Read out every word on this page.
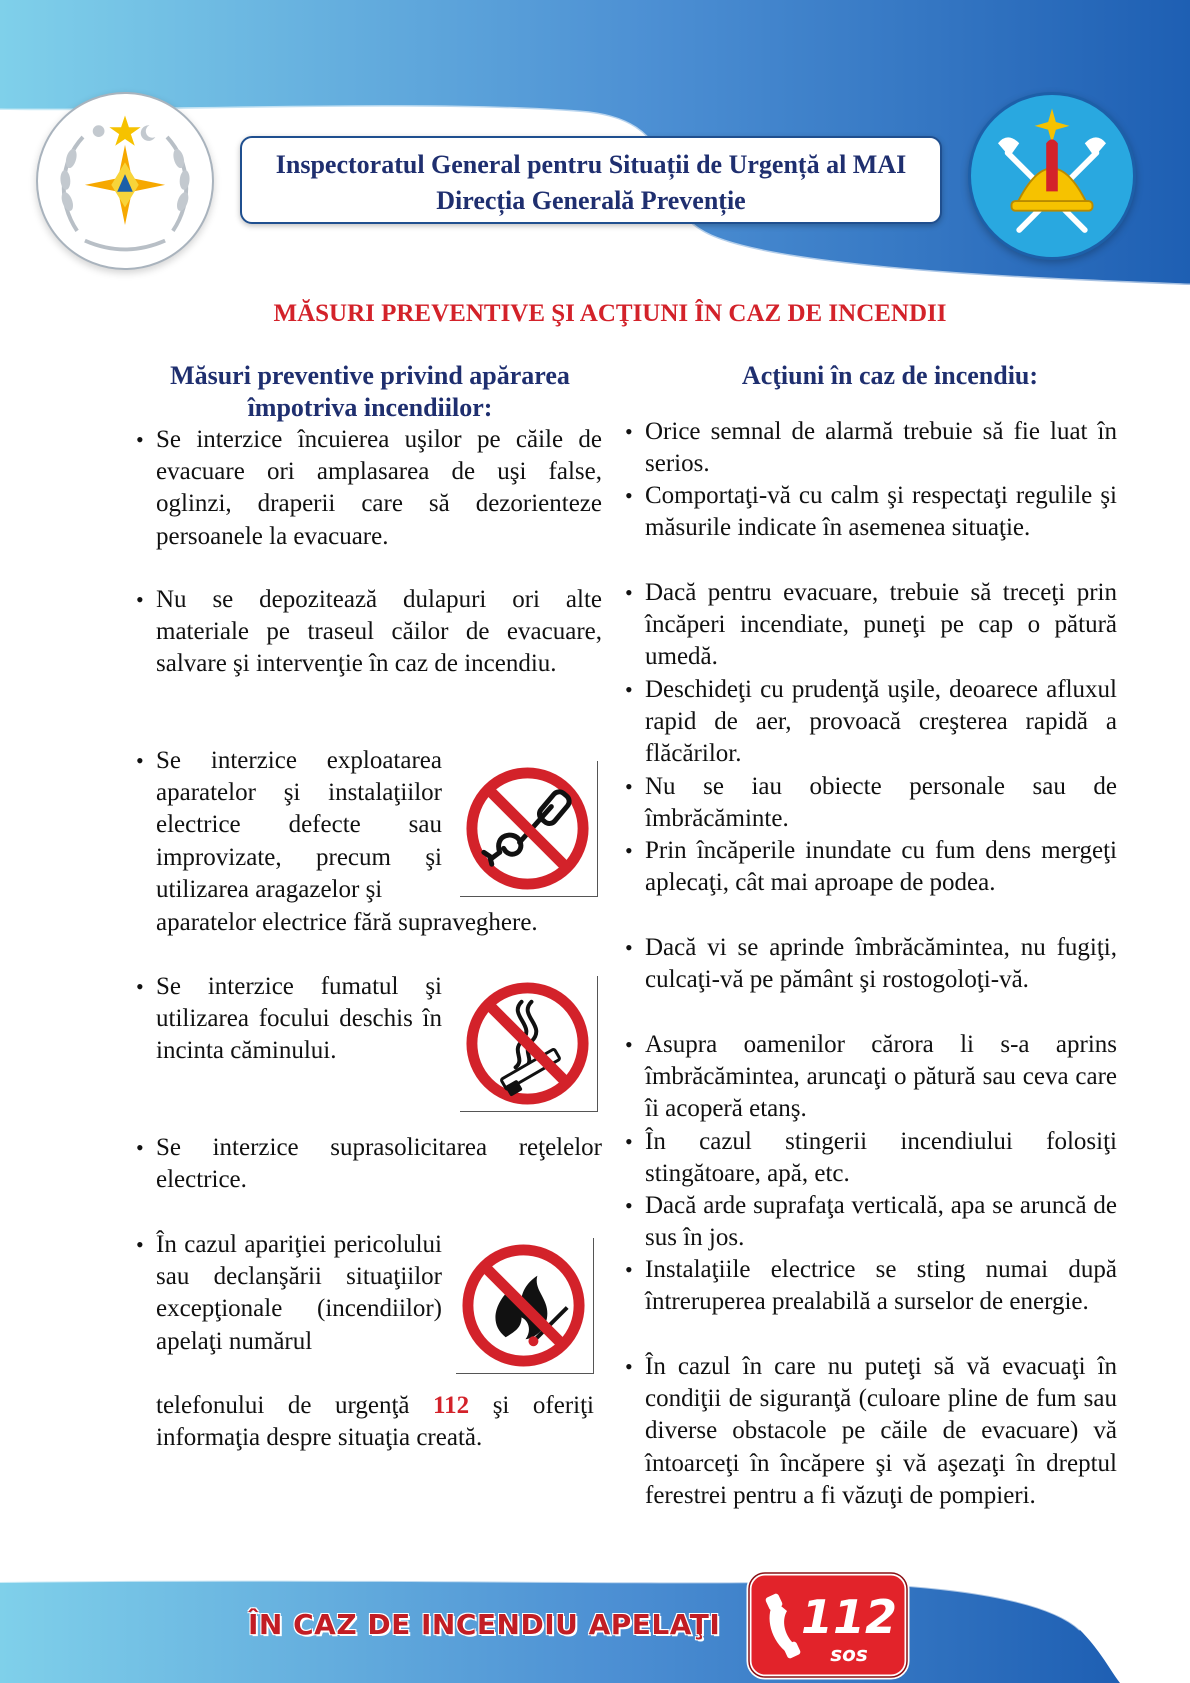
Inspectoratul General pentru Situații de Urgență al MAI
Direcția Generală Prevenție
MĂSURI PREVENTIVE ŞI ACŢIUNI ÎN CAZ DE INCENDII
Măsuri preventive privind apărarea
împotriva incendiilor:
Acţiuni în caz de incendiu:
• Se interzice încuierea uşilor pe căile de evacuare ori amplasarea de uşi false, oglinzi, draperii care să dezorienteze persoanele la evacuare.
• Nu se depozitează dulapuri ori alte materiale pe traseul căilor de evacuare, salvare şi intervenţie în caz de incendiu.
• Se interzice exploatarea aparatelor şi instalaţiilor electrice defecte sau improvizate, precum şi utilizarea aragazelor şi
aparatelor electrice fără supraveghere.
• Se interzice fumatul şi utilizarea focului deschis în incinta căminului.
• Se interzice suprasolicitarea reţelelor electrice.
• În cazul apariţiei pericolului sau declanşării situaţiilor excepţionale (incendiilor) apelaţi numărul
telefonului de urgenţă 112 şi oferiţi informaţia despre situaţia creată.
• Orice semnal de alarmă trebuie să fie luat în serios.
• Comportaţi-vă cu calm şi respectaţi regulile şi măsurile indicate în asemenea situaţie.
• Dacă pentru evacuare, trebuie să treceţi prin încăperi incendiate, puneţi pe cap o pătură umedă.
• Deschideţi cu prudenţă uşile, deoarece afluxul rapid de aer, provoacă creşterea rapidă a flăcărilor.
• Nu se iau obiecte personale sau de îmbrăcăminte.
• Prin încăperile inundate cu fum dens mergeţi aplecaţi, cât mai aproape de podea.
• Dacă vi se aprinde îmbrăcămintea, nu fugiţi, culcaţi-vă pe pământ şi rostogoloţi-vă.
• Asupra oamenilor cărora li s-a aprins îmbrăcămintea, aruncaţi o pătură sau ceva care îi acoperă etanş.
• În cazul stingerii incendiului folosiţi stingătoare, apă, etc.
• Dacă arde suprafaţa verticală, apa se aruncă de sus în jos.
• Instalaţiile electrice se sting numai după întreruperea prealabilă a surselor de energie.
• În cazul în care nu puteţi să vă evacuaţi în condiţii de siguranţă (culoare pline de fum sau diverse obstacole pe căile de evacuare) vă întoarceţi în încăpere şi vă aşezaţi în dreptul ferestrei pentru a fi văzuţi de pompieri.
ÎN CAZ DE INCENDIU APELAŢI 112
sos
